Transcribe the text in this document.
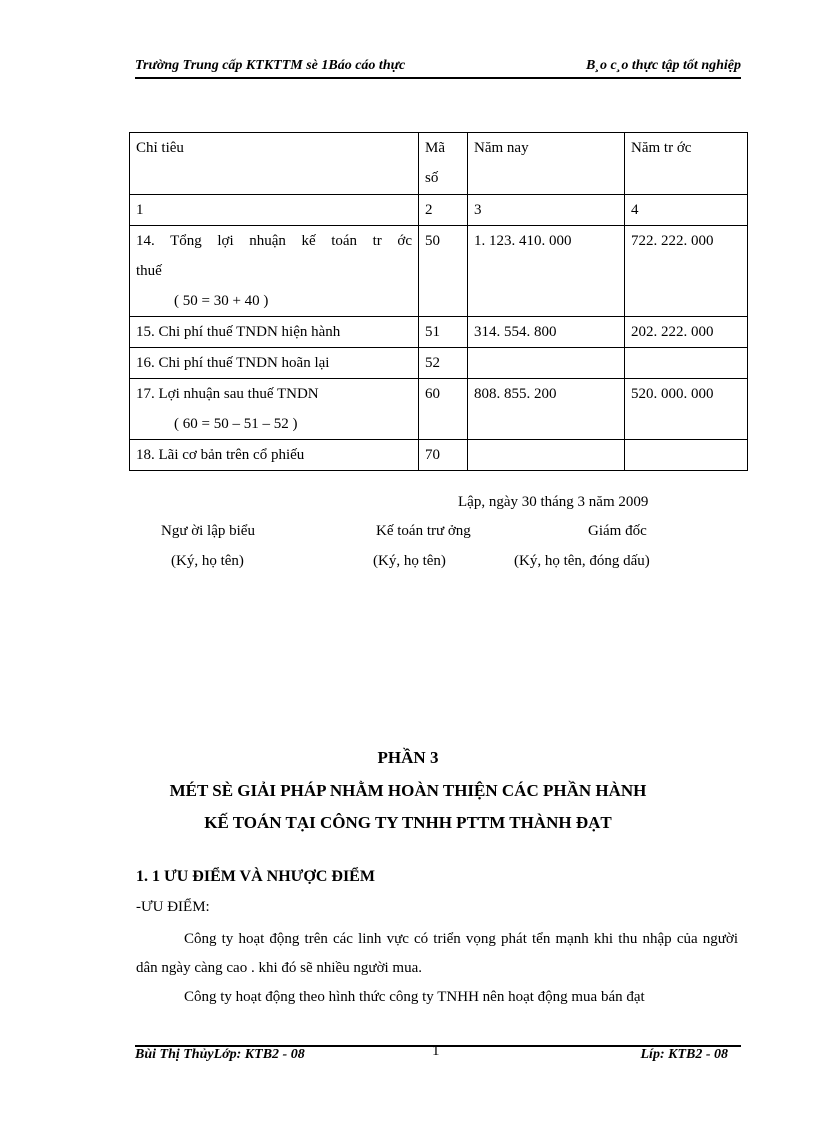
Trường Trung cấp KTKTTM sè 1Báo cáo thực	B¸o c¸o thực tập tốt nghiệp
Chỉ tiêu	Mã số	Năm nay	Năm tr ớc
1	2	3	4

14. Tổng lợi nhuận kế toán tr ớc
thuế
( 50 = 30 + 40 )	50	1. 123. 410. 000	722. 222. 000
15. Chi phí thuế TNDN hiện hành	51	314. 554. 800	202. 222. 000
16. Chi phí thuế TNDN hoãn lại	52		
17. Lợi nhuận sau thuế TNDN
( 60 = 50 – 51 – 52 )	60	808. 855. 200	520. 000. 000
18. Lãi cơ bản trên cổ phiếu	70		
Lập, ngày 30 tháng 3 năm 2009
Ngư ời lập biểu
(Ký, họ tên)
Kế toán trư ởng
(Ký, họ tên)
Giám đốc
(Ký, họ tên, đóng dấu)
PHẦN 3
MÉT SÈ GIẢI PHÁP NHẰM HOÀN THIỆN CÁC PHẦN HÀNH
KẾ TOÁN TẠI CÔNG TY TNHH PTTM THÀNH ĐẠT
1. 1 ƯU ĐIỂM VÀ NHƯỢC ĐIỂM
-ƯU ĐIỂM:
Công ty hoạt động trên các linh vực có triển vọng phát tển mạnh khi thu nhập của người dân ngày càng cao . khi đó sẽ nhiều người mua.
Công ty hoạt động theo hình thức công ty TNHH nên hoạt động mua bán đạt
Bùi Thị ThủyLớp: KTB2 - 08	1	Líp: KTB2 - 08
